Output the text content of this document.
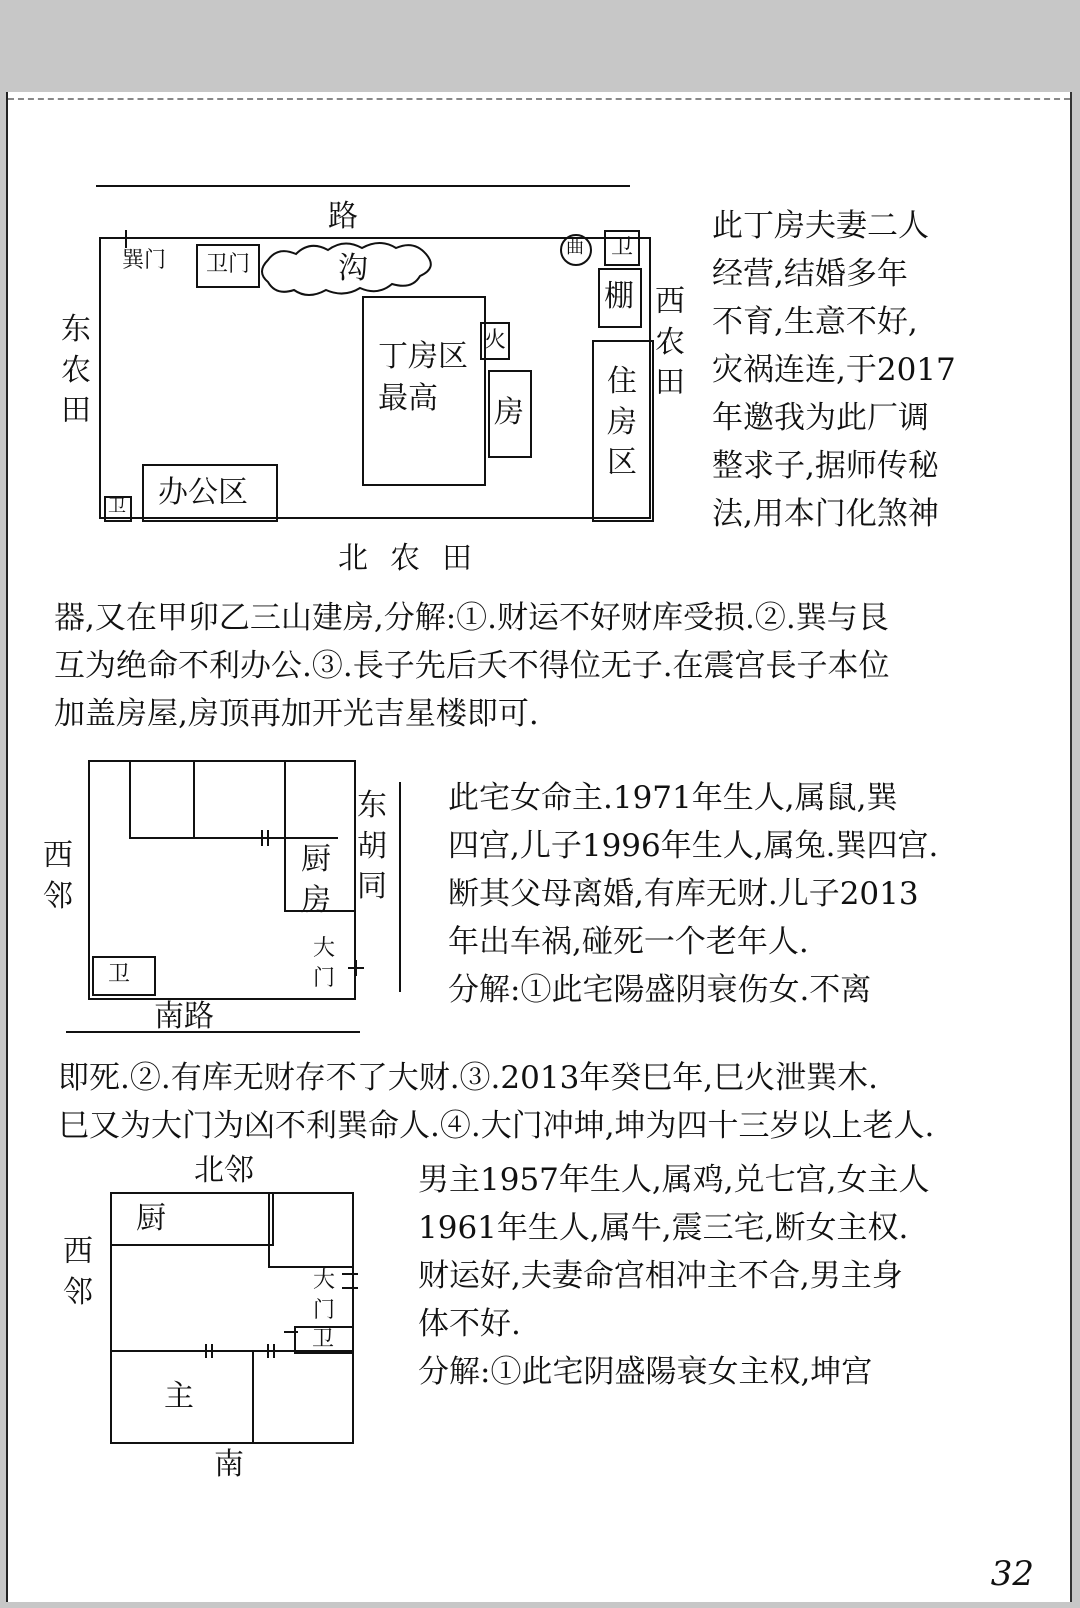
路
东农田
西农田
北农田
巽门 卫门	沟
曲 卫
棚
丁房区
最高
火
房
住房区
卫 办公区
此丁房夫妻二人
经营,结婚多年
不育,生意不好,
灾祸连连,于2017
年邀我为此厂调
整求子,据师传秘
法,用本门化煞神
器,又在甲卯乙三山建房,分解:①.财运不好财库受损.②.巽与艮
互为绝命不利办公.③.長子先后夭不得位无子.在震宫長子本位
加盖房屋,房顶再加开光吉星楼即可.
厨房
西邻
东胡同
大门
卫
南路
此宅女命主.1971年生人,属鼠,巽
四宫,儿子1996年生人,属兔.巽四宫.
断其父母离婚,有库无财.儿子2013
年出车祸,碰死一个老年人.
分解:①此宅陽盛阴衰伤女.不离
即死.②.有库无财存不了大财.③.2013年癸巳年,巳火泄巽木.
巳又为大门为凶不利巽命人.④.大门冲坤,坤为四十三岁以上老人.
北邻
西邻
厨
大门
卫
主
南
男主1957年生人,属鸡,兑七宫,女主人
1961年生人,属牛,震三宅,断女主权.
财运好,夫妻命宫相冲主不合,男主身
体不好.
分解:①此宅阴盛陽衰女主权,坤宫
32
